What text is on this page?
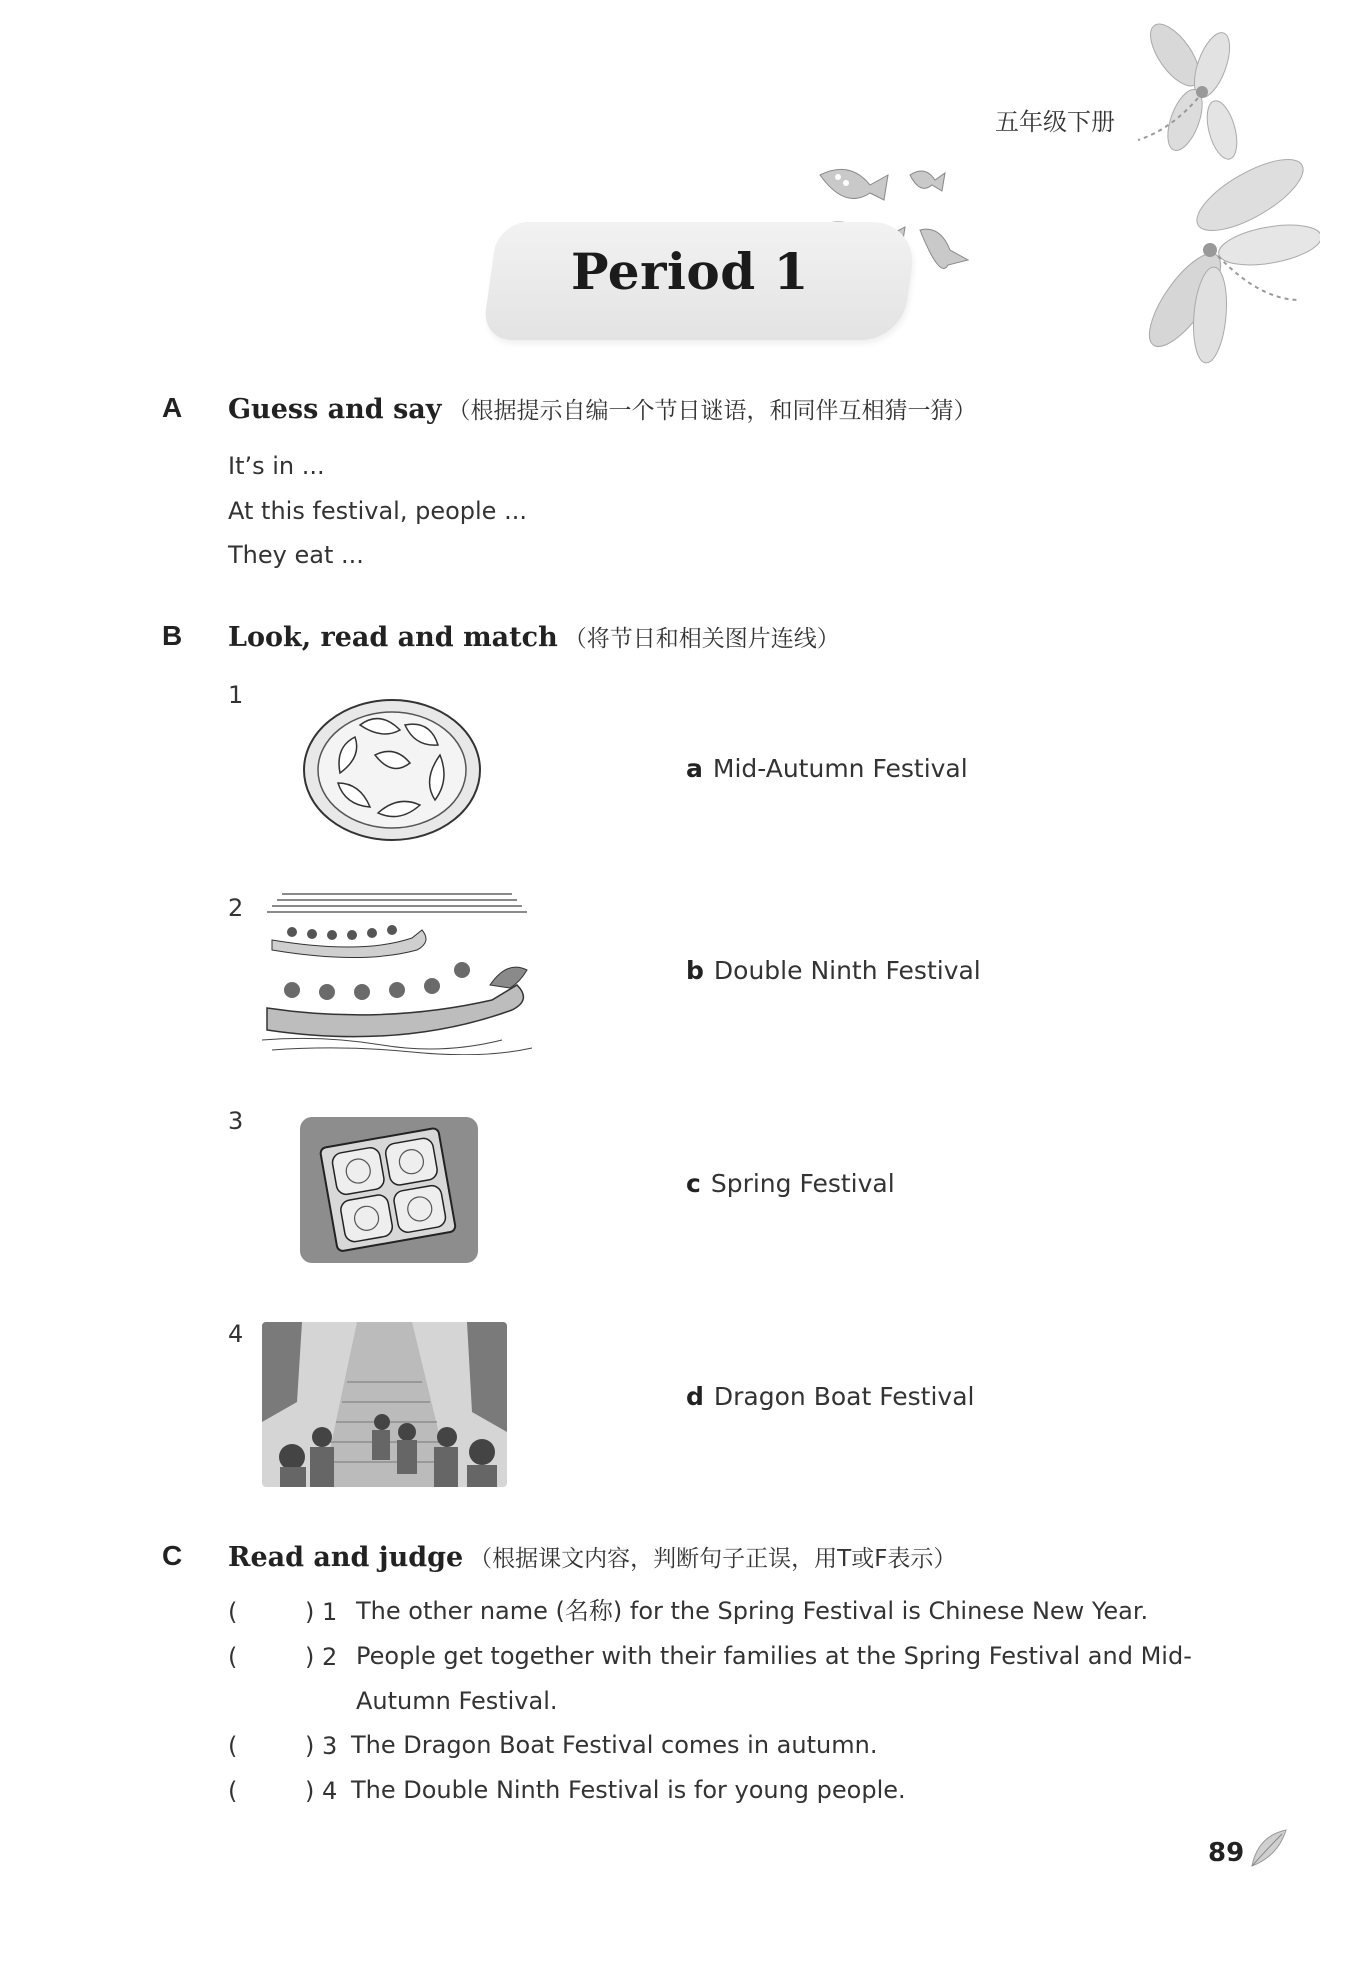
五年级下册
Period 1
A Guess and say （根据提示自编一个节日谜语，和同伴互相猜一猜）
It’s in ...
At this festival, people ...
They eat ...
B Look, read and match （将节日和相关图片连线）
1
2
3
4
a Mid-Autumn Festival
b Double Ninth Festival
c Spring Festival
d Dragon Boat Festival
C Read and judge （根据课文内容，判断句子正误，用T或F表示）
(	) 1 The other name (名称) for the Spring Festival is Chinese New Year.
(	) 2 People get together with their families at the Spring Festival and Mid-Autumn Festival.
(	) 3 The Dragon Boat Festival comes in autumn.
(	) 4 The Double Ninth Festival is for young people.
89
